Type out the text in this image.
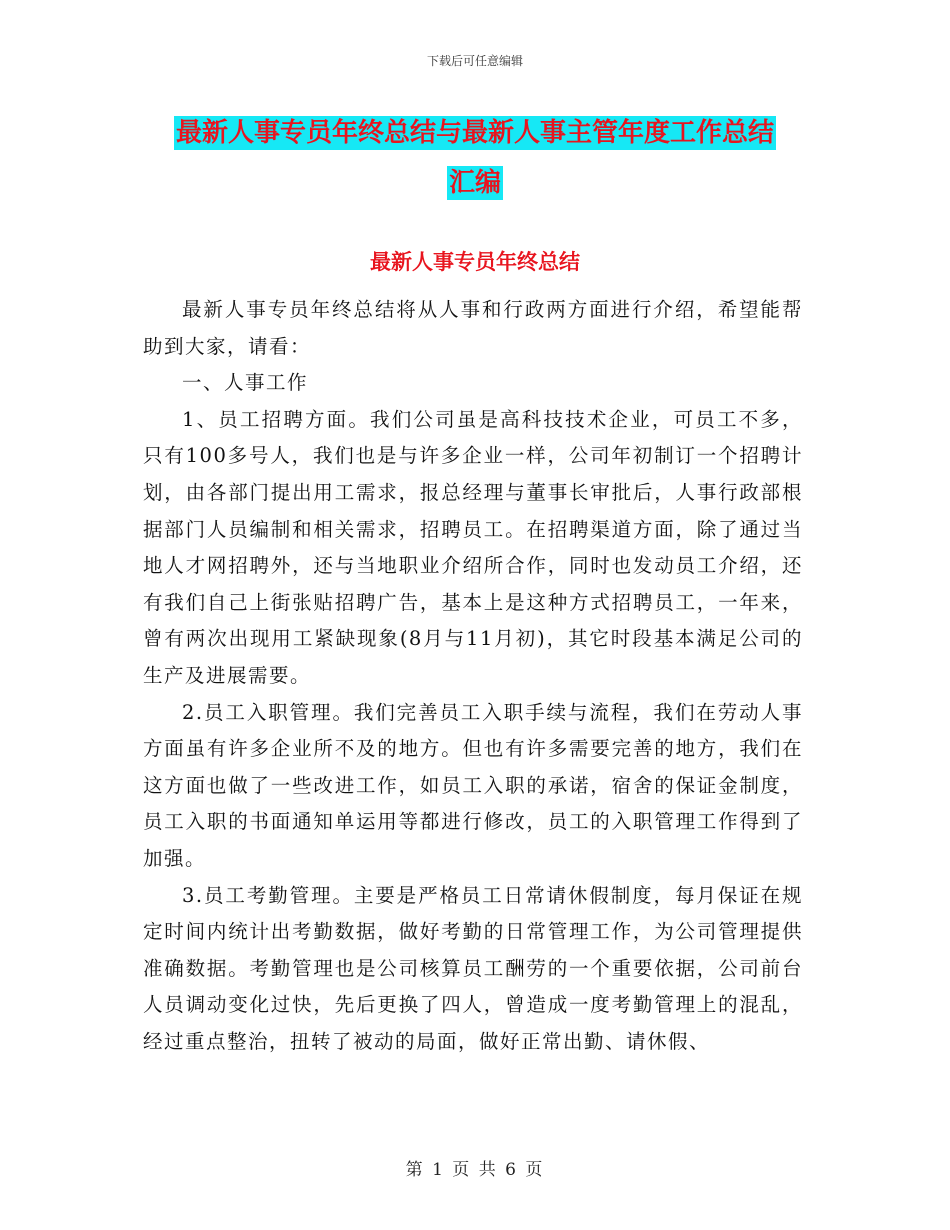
下载后可任意编辑
最新人事专员年终总结与最新人事主管年度工作总结
汇编
最新人事专员年终总结

最新人事专员年终总结将从人事和行政两方面进行介绍，希望能帮助到大家，请看：

一、人事工作

1、员工招聘方面。我们公司虽是高科技技术企业，可员工不多，只有100多号人，我们也是与许多企业一样，公司年初制订一个招聘计划，由各部门提出用工需求，报总经理与董事长审批后，人事行政部根据部门人员编制和相关需求，招聘员工。在招聘渠道方面，除了通过当地人才网招聘外，还与当地职业介绍所合作，同时也发动员工介绍，还有我们自己上街张贴招聘广告，基本上是这种方式招聘员工，一年来，曾有两次出现用工紧缺现象(8月与11月初)，其它时段基本满足公司的生产及进展需要。

2.员工入职管理。我们完善员工入职手续与流程，我们在劳动人事方面虽有许多企业所不及的地方。但也有许多需要完善的地方，我们在这方面也做了一些改进工作，如员工入职的承诺，宿舍的保证金制度，员工入职的书面通知单运用等都进行修改，员工的入职管理工作得到了加强。

3.员工考勤管理。主要是严格员工日常请休假制度，每月保证在规定时间内统计出考勤数据，做好考勤的日常管理工作，为公司管理提供准确数据。考勤管理也是公司核算员工酬劳的一个重要依据，公司前台人员调动变化过快，先后更换了四人，曾造成一度考勤管理上的混乱，经过重点整治，扭转了被动的局面，做好正常出勤、请休假、

第 1 页 共 6 页
